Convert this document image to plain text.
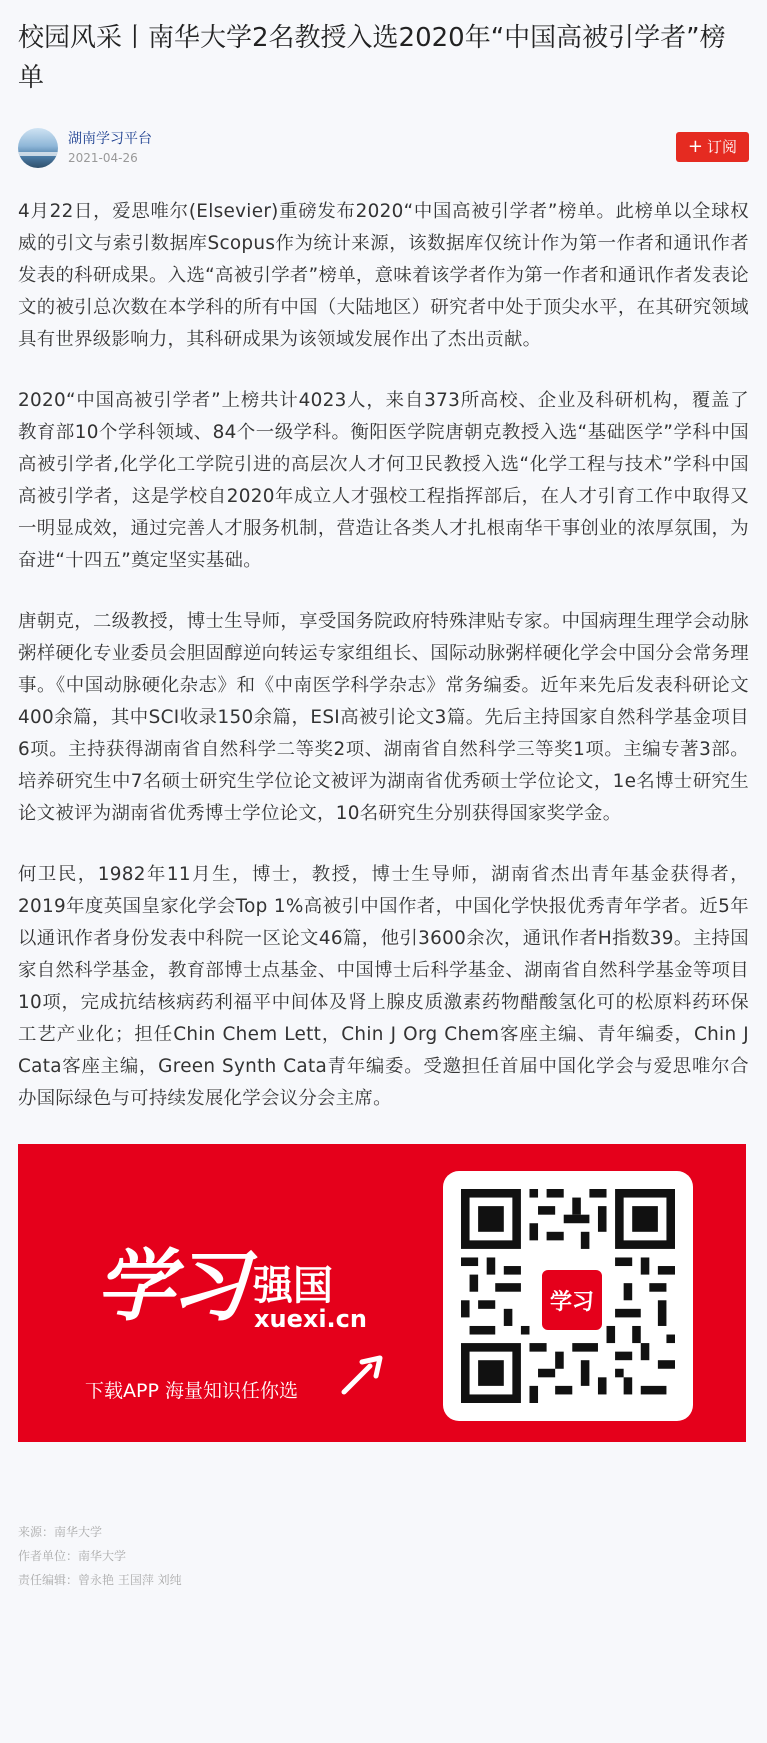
校园风采丨南华大学2名教授入选2020年“中国高被引学者”榜单
湖南学习平台
2021-04-26
+ 订阅

4月22日，爱思唯尔(Elsevier)重磅发布2020“中国高被引学者”榜单。此榜单以全球权威的引文与索引数据库Scopus作为统计来源，该数据库仅统计作为第一作者和通讯作者发表的科研成果。入选“高被引学者”榜单，意味着该学者作为第一作者和通讯作者发表论文的被引总次数在本学科的所有中国（大陆地区）研究者中处于顶尖水平，在其研究领域具有世界级影响力，其科研成果为该领域发展作出了杰出贡献。

2020“中国高被引学者”上榜共计4023人，来自373所高校、企业及科研机构，覆盖了教育部10个学科领域、84个一级学科。衡阳医学院唐朝克教授入选“基础医学”学科中国高被引学者,化学化工学院引进的高层次人才何卫民教授入选“化学工程与技术”学科中国高被引学者，这是学校自2020年成立人才强校工程指挥部后，在人才引育工作中取得又一明显成效，通过完善人才服务机制，营造让各类人才扎根南华干事创业的浓厚氛围，为奋进“十四五”奠定坚实基础。

唐朝克，二级教授，博士生导师，享受国务院政府特殊津贴专家。中国病理生理学会动脉粥样硬化专业委员会胆固醇逆向转运专家组组长、国际动脉粥样硬化学会中国分会常务理事。《中国动脉硬化杂志》和《中南医学科学杂志》常务编委。近年来先后发表科研论文400余篇，其中SCI收录150余篇，ESI高被引论文3篇。先后主持国家自然科学基金项目6项。主持获得湖南省自然科学二等奖2项、湖南省自然科学三等奖1项。主编专著3部。培养研究生中7名硕士研究生学位论文被评为湖南省优秀硕士学位论文，1e名博士研究生论文被评为湖南省优秀博士学位论文，10名研究生分别获得国家奖学金。

何卫民，1982年11月生，博士，教授，博士生导师，湖南省杰出青年基金获得者，2019年度英国皇家化学会Top 1%高被引中国作者，中国化学快报优秀青年学者。近5年以通讯作者身份发表中科院一区论文46篇，他引3600余次，通讯作者H指数39。主持国家自然科学基金，教育部博士点基金、中国博士后科学基金、湖南省自然科学基金等项目10项，完成抗结核病药利福平中间体及肾上腺皮质激素药物醋酸氢化可的松原料药环保工艺产业化；担任Chin Chem Lett，Chin J Org Chem客座主编、青年编委，Chin J Cata客座主编，Green Synth Cata青年编委。受邀担任首届中国化学会与爱思唯尔合办国际绿色与可持续发展化学会议分会主席。

学习 强国
xuexi.cn
下载APP 海量知识任你选
学习
来源：南华大学
作者单位：南华大学
责任编辑：曾永艳 王国萍 刘纯
